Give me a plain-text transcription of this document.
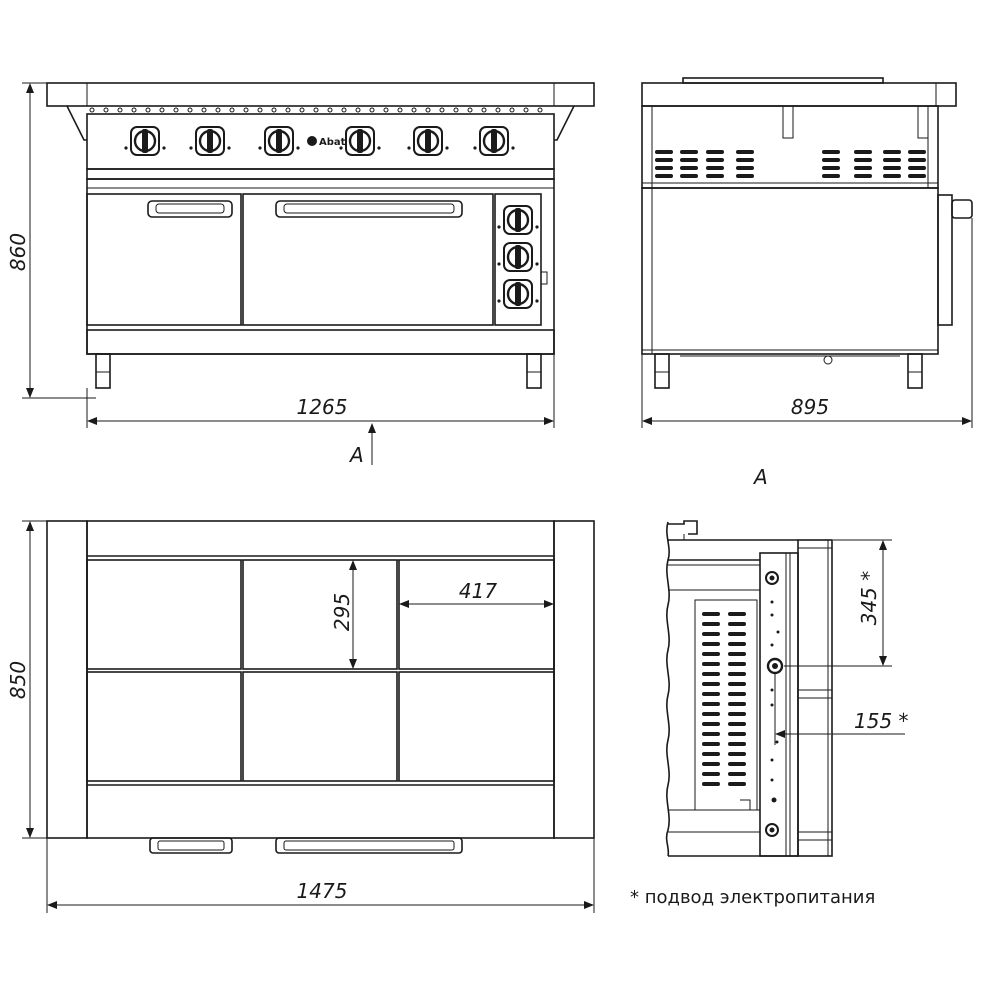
Abat
860
1265
A
895
A
295
417
850
1475
345 *
155 *
* подвод электропитания
